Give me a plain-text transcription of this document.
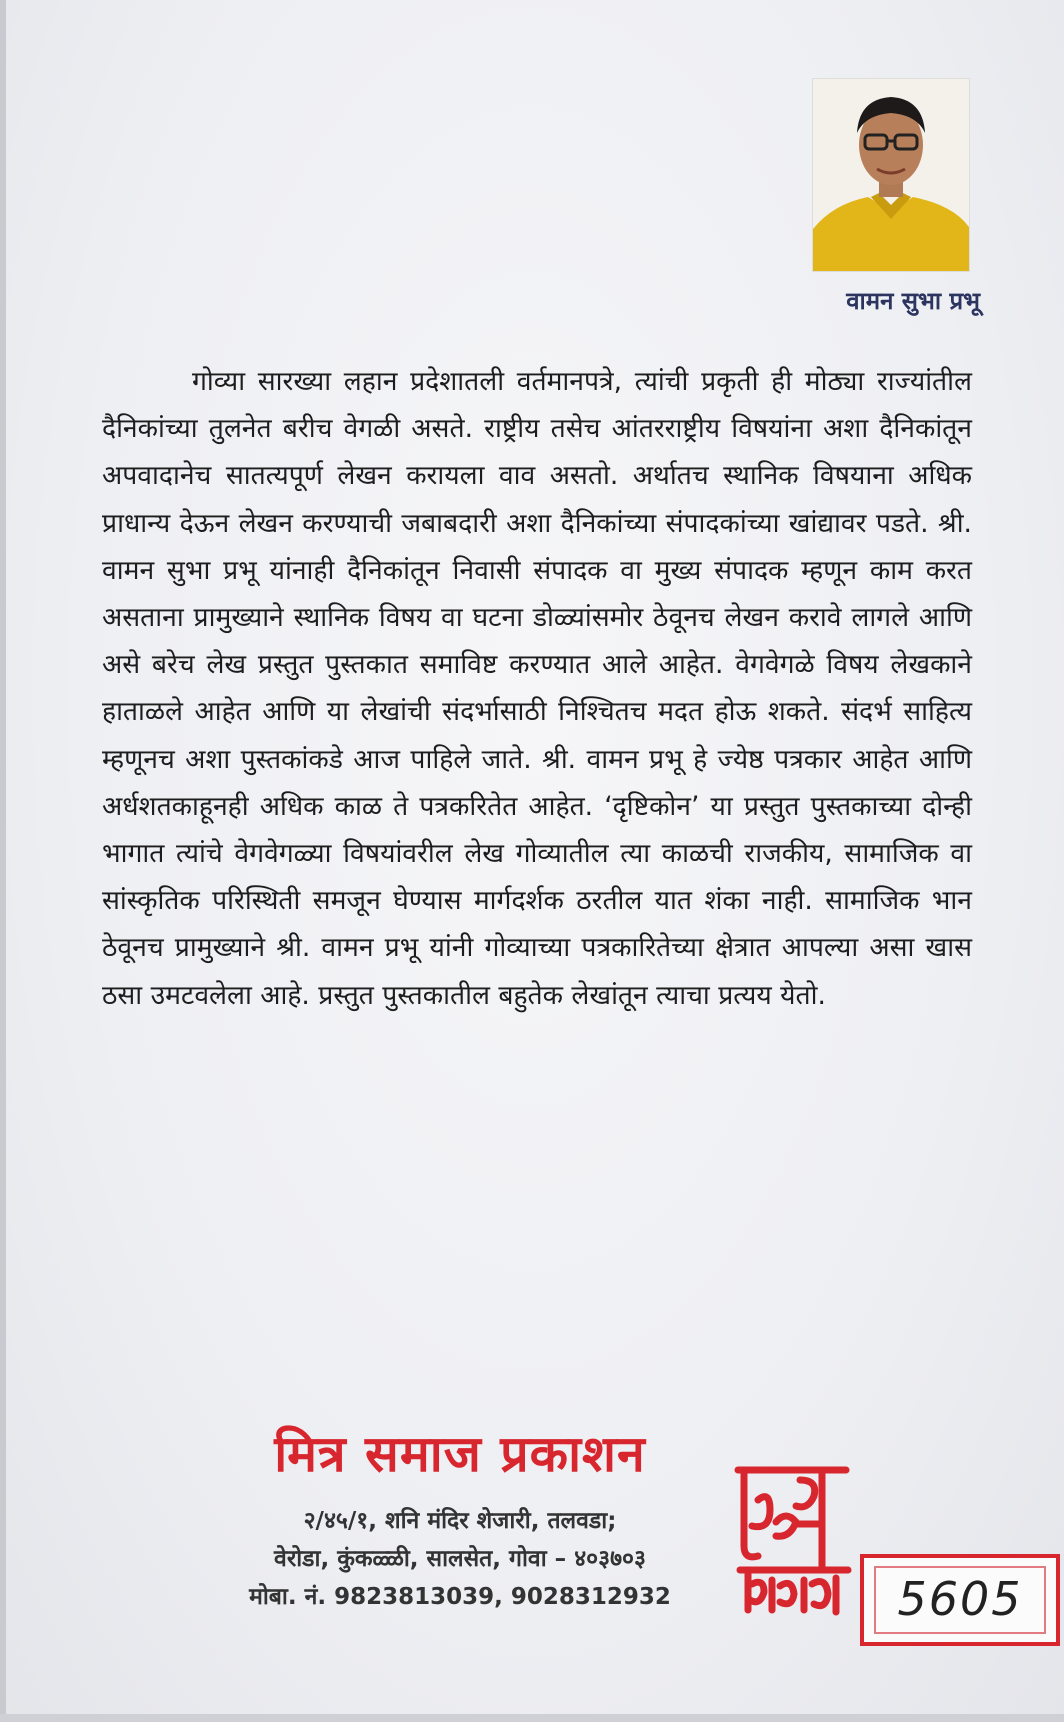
वामन सुभा प्रभू

गोव्या सारख्या लहान प्रदेशातली वर्तमानपत्रे, त्यांची प्रकृती ही मोठ्या राज्यांतील दैनिकांच्या तुलनेत बरीच वेगळी असते. राष्ट्रीय तसेच आंतरराष्ट्रीय विषयांना अशा दैनिकांतून अपवादानेच सातत्यपूर्ण लेखन करायला वाव असतो. अर्थातच स्थानिक विषयाना अधिक प्राधान्य देऊन लेखन करण्याची जबाबदारी अशा दैनिकांच्या संपादकांच्या खांद्यावर पडते. श्री. वामन सुभा प्रभू यांनाही दैनिकांतून निवासी संपादक वा मुख्य संपादक म्हणून काम करत असताना प्रामुख्याने स्थानिक विषय वा घटना डोळ्यांसमोर ठेवूनच लेखन करावे लागले आणि असे बरेच लेख प्रस्तुत पुस्तकात समाविष्ट करण्यात आले आहेत. वेगवेगळे विषय लेखकाने हाताळले आहेत आणि या लेखांची संदर्भासाठी निश्चितच मदत होऊ शकते. संदर्भ साहित्य म्हणूनच अशा पुस्तकांकडे आज पाहिले जाते. श्री. वामन प्रभू हे ज्येष्ठ पत्रकार आहेत आणि अर्धशतकाहूनही अधिक काळ ते पत्रकरितेत आहेत. ‘दृष्टिकोन’ या प्रस्तुत पुस्तकाच्या दोन्ही भागात त्यांचे वेगवेगळ्या विषयांवरील लेख गोव्यातील त्या काळची राजकीय, सामाजिक वा सांस्कृतिक परिस्थिती समजून घेण्यास मार्गदर्शक ठरतील यात शंका नाही. सामाजिक भान ठेवूनच प्रामुख्याने श्री. वामन प्रभू यांनी गोव्याच्या पत्रकारितेच्या क्षेत्रात आपल्या असा खास ठसा उमटवलेला आहे. प्रस्तुत पुस्तकातील बहुतेक लेखांतून त्याचा प्रत्यय येतो.

मित्र समाज प्रकाशन
२/४५/१, शनि मंदिर शेजारी, तलवडा;
वेरोडा, कुंकळ्ळी, सालसेत, गोवा – ४०३७०३
मोबा. नं. 9823813039, 9028312932	5605
